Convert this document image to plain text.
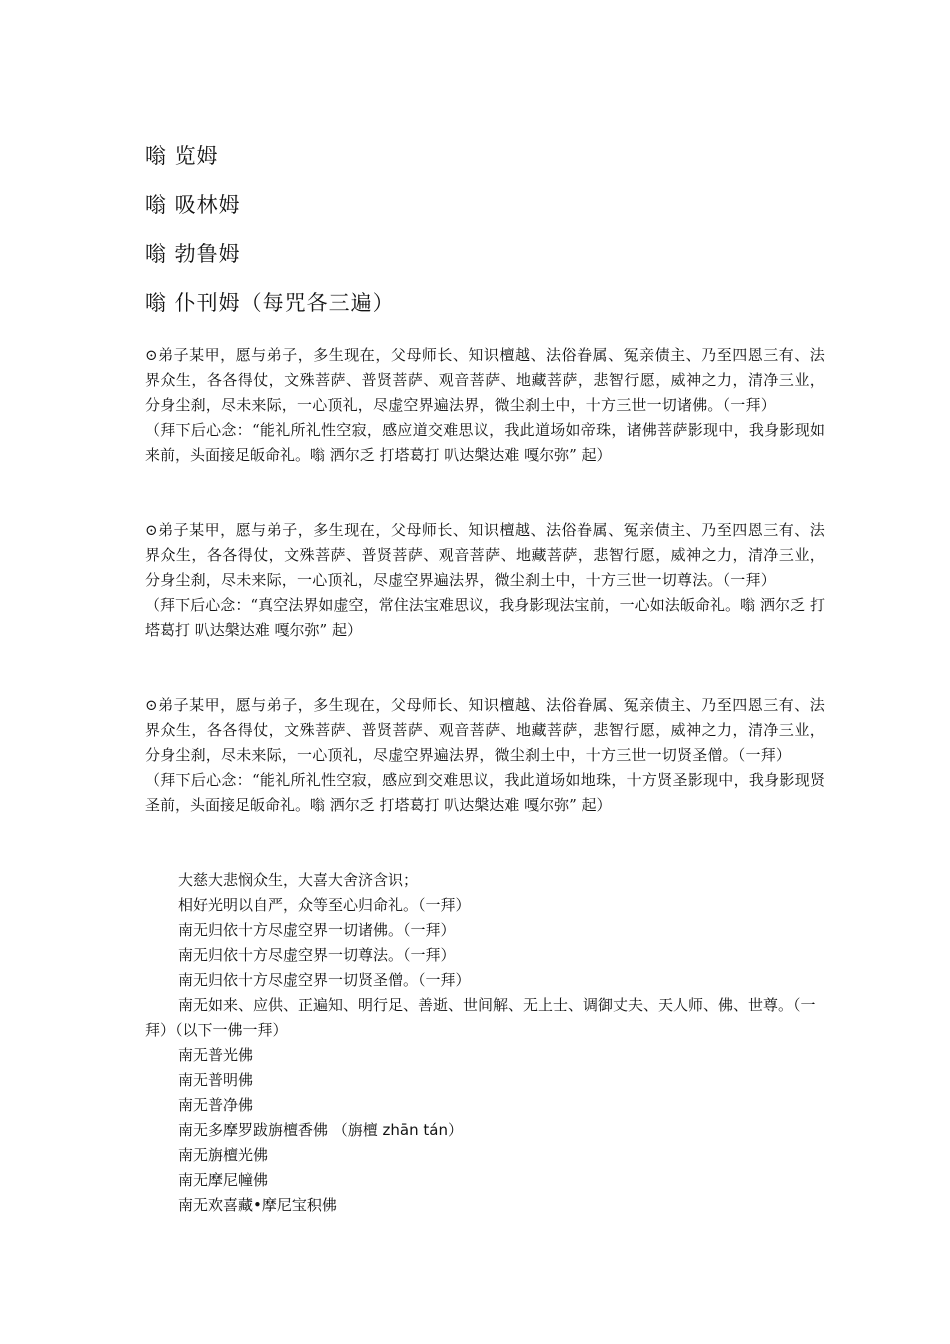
嗡 览姆
嗡 吸林姆
嗡 勃鲁姆
嗡 仆刊姆（每咒各三遍）

⊙弟子某甲，愿与弟子，多生现在，父母师长、知识檀越、法俗眷属、冤亲债主、乃至四恩三有、法界众生，各各得仗，文殊菩萨、普贤菩萨、观音菩萨、地藏菩萨，悲智行愿，威神之力，清净三业，分身尘刹，尽未来际，一心顶礼，尽虚空界遍法界，微尘刹土中，十方三世一切诸佛。（一拜）

（拜下后心念：“能礼所礼性空寂，感应道交难思议，我此道场如帝珠，诸佛菩萨影现中，我身影现如来前，头面接足皈命礼。嗡 洒尔乏 打塔葛打 叭达槃达难 嘎尔弥” 起）

⊙弟子某甲，愿与弟子，多生现在，父母师长、知识檀越、法俗眷属、冤亲债主、乃至四恩三有、法界众生，各各得仗，文殊菩萨、普贤菩萨、观音菩萨、地藏菩萨，悲智行愿，威神之力，清净三业，分身尘刹，尽未来际，一心顶礼，尽虚空界遍法界，微尘刹土中，十方三世一切尊法。（一拜）

（拜下后心念：“真空法界如虚空，常住法宝难思议，我身影现法宝前，一心如法皈命礼。嗡 洒尔乏 打塔葛打 叭达槃达难 嘎尔弥” 起）

⊙弟子某甲，愿与弟子，多生现在，父母师长、知识檀越、法俗眷属、冤亲债主、乃至四恩三有、法界众生，各各得仗，文殊菩萨、普贤菩萨、观音菩萨、地藏菩萨，悲智行愿，威神之力，清净三业，分身尘刹，尽未来际，一心顶礼，尽虚空界遍法界，微尘刹土中，十方三世一切贤圣僧。（一拜）

（拜下后心念：“能礼所礼性空寂，感应到交难思议，我此道场如地珠，十方贤圣影现中，我身影现贤圣前，头面接足皈命礼。嗡 洒尔乏 打塔葛打 叭达槃达难 嘎尔弥” 起）

大慈大悲悯众生，大喜大舍济含识；

相好光明以自严，众等至心归命礼。（一拜）

南无归依十方尽虚空界一切诸佛。（一拜）

南无归依十方尽虚空界一切尊法。（一拜）

南无归依十方尽虚空界一切贤圣僧。（一拜）

南无如来、应供、正遍知、明行足、善逝、世间解、无上士、调御丈夫、天人师、佛、世尊。（一拜）（以下一佛一拜）

南无普光佛

南无普明佛

南无普净佛

南无多摩罗跋旃檀香佛 （旃檀 zhān tán）

南无旃檀光佛

南无摩尼幢佛

南无欢喜藏•摩尼宝积佛
